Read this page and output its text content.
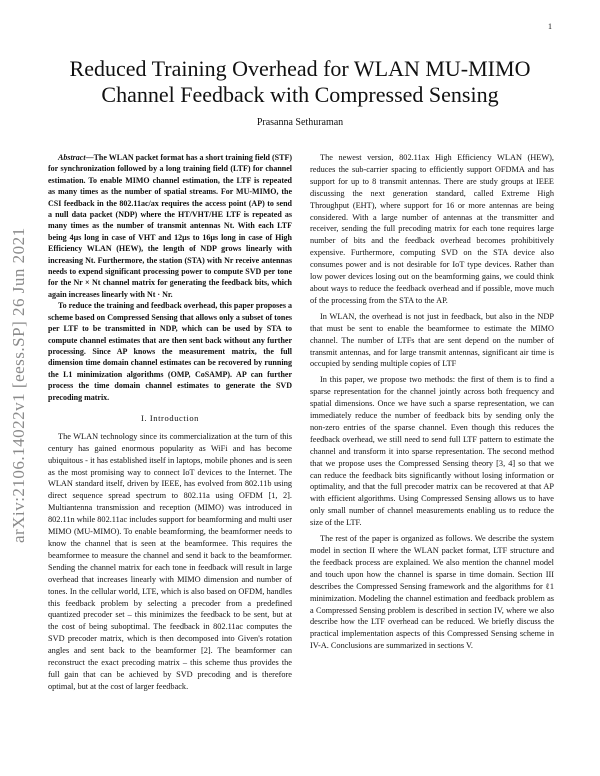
1
arXiv:2106.14022v1 [eess.SP] 26 Jun 2021
Reduced Training Overhead for WLAN MU-MIMO Channel Feedback with Compressed Sensing
Prasanna Sethuraman

Abstract—The WLAN packet format has a short training field (STF) for synchronization followed by a long training field (LTF) for channel estimation. To enable MIMO channel estimation, the LTF is repeated as many times as the number of spatial streams. For MU-MIMO, the CSI feedback in the 802.11ac/ax requires the access point (AP) to send a null data packet (NDP) where the HT/VHT/HE LTF is repeated as many times as the number of transmit antennas Nt. With each LTF being 4µs long in case of VHT and 12µs to 16µs long in case of High Efficiency WLAN (HEW), the length of NDP grows linearly with increasing Nt. Furthermore, the station (STA) with Nr receive antennas needs to expend significant processing power to compute SVD per tone for the Nr × Nt channel matrix for generating the feedback bits, which again increases linearly with Nt · Nr.

To reduce the training and feedback overhead, this paper proposes a scheme based on Compressed Sensing that allows only a subset of tones per LTF to be transmitted in NDP, which can be used by STA to compute channel estimates that are then sent back without any further processing. Since AP knows the measurement matrix, the full dimension time domain channel estimates can be recovered by running the L1 minimization algorithms (OMP, CoSAMP). AP can further process the time domain channel estimates to generate the SVD precoding matrix.

I. Introduction

The WLAN technology since its commercialization at the turn of this century has gained enormous popularity as WiFi and has become ubiquitous - it has established itself in laptops, mobile phones and is seen as the most promising way to connect IoT devices to the Internet. The WLAN standard itself, driven by IEEE, has evolved from 802.11b using direct sequence spread spectrum to 802.11a using OFDM [1, 2]. Multiantenna transmission and reception (MIMO) was introduced in 802.11n while 802.11ac includes support for beamforming and multi user MIMO (MU-MIMO). To enable beamforming, the beamformer needs to know the channel that is seen at the beamformee. This requires the beamformee to measure the channel and send it back to the beamformer. Sending the channel matrix for each tone in feedback will result in large overhead that increases linearly with MIMO dimension and number of tones. In the cellular world, LTE, which is also based on OFDM, handles this feedback problem by selecting a precoder from a predefined quantized precoder set – this minimizes the feedback to be sent, but at the cost of being suboptimal. The feedback in 802.11ac computes the SVD precoder matrix, which is then decomposed into Given's rotation angles and sent back to the beamformer [2]. The beamformer can reconstruct the exact precoding matrix – this scheme thus provides the full gain that can be achieved by SVD precoding and is therefore optimal, but at the cost of larger feedback.

The newest version, 802.11ax High Efficiency WLAN (HEW), reduces the sub-carrier spacing to efficiently support OFDMA and has support for up to 8 transmit antennas. There are study groups at IEEE discussing the next generation standard, called Extreme High Throughput (EHT), where support for 16 or more antennas are being considered. With a large number of antennas at the transmitter and receiver, sending the full precoding matrix for each tone requires large number of bits and the feedback overhead becomes prohibitively expensive. Furthermore, computing SVD on the STA device also consumes power and is not desirable for IoT type devices. Rather than low power devices losing out on the beamforming gains, we could think about ways to reduce the feedback overhead and if possible, move much of the processing from the STA to the AP.

In WLAN, the overhead is not just in feedback, but also in the NDP that must be sent to enable the beamformee to estimate the MIMO channel. The number of LTFs that are sent depend on the number of transmit antennas, and for large transmit antennas, significant air time is occupied by sending multiple copies of LTF

In this paper, we propose two methods: the first of them is to find a sparse representation for the channel jointly across both frequency and spatial dimensions. Once we have such a sparse representation, we can immediately reduce the number of feedback bits by sending only the non-zero entries of the sparse channel. Even though this reduces the feedback overhead, we still need to send full LTF pattern to estimate the channel and transform it into sparse representation. The second method that we propose uses the Compressed Sensing theory [3, 4] so that we can reduce the feedback bits significantly without losing information or optimality, and that the full precoder matrix can be recovered at that AP with efficient algorithms. Using Compressed Sensing allows us to have only small number of channel measurements enabling us to reduce the size of the LTF.

The rest of the paper is organized as follows. We describe the system model in section II where the WLAN packet format, LTF structure and the feedback process are explained. We also mention the channel model and touch upon how the channel is sparse in time domain. Section III describes the Compressed Sensing framework and the algorithms for ℓ1 minimization. Modeling the channel estimation and feedback problem as a Compressed Sensing problem is described in section IV, where we also describe how the LTF overhead can be reduced. We briefly discuss the practical implementation aspects of this Compressed Sensing scheme in IV-A. Conclusions are summarized in sections V.
